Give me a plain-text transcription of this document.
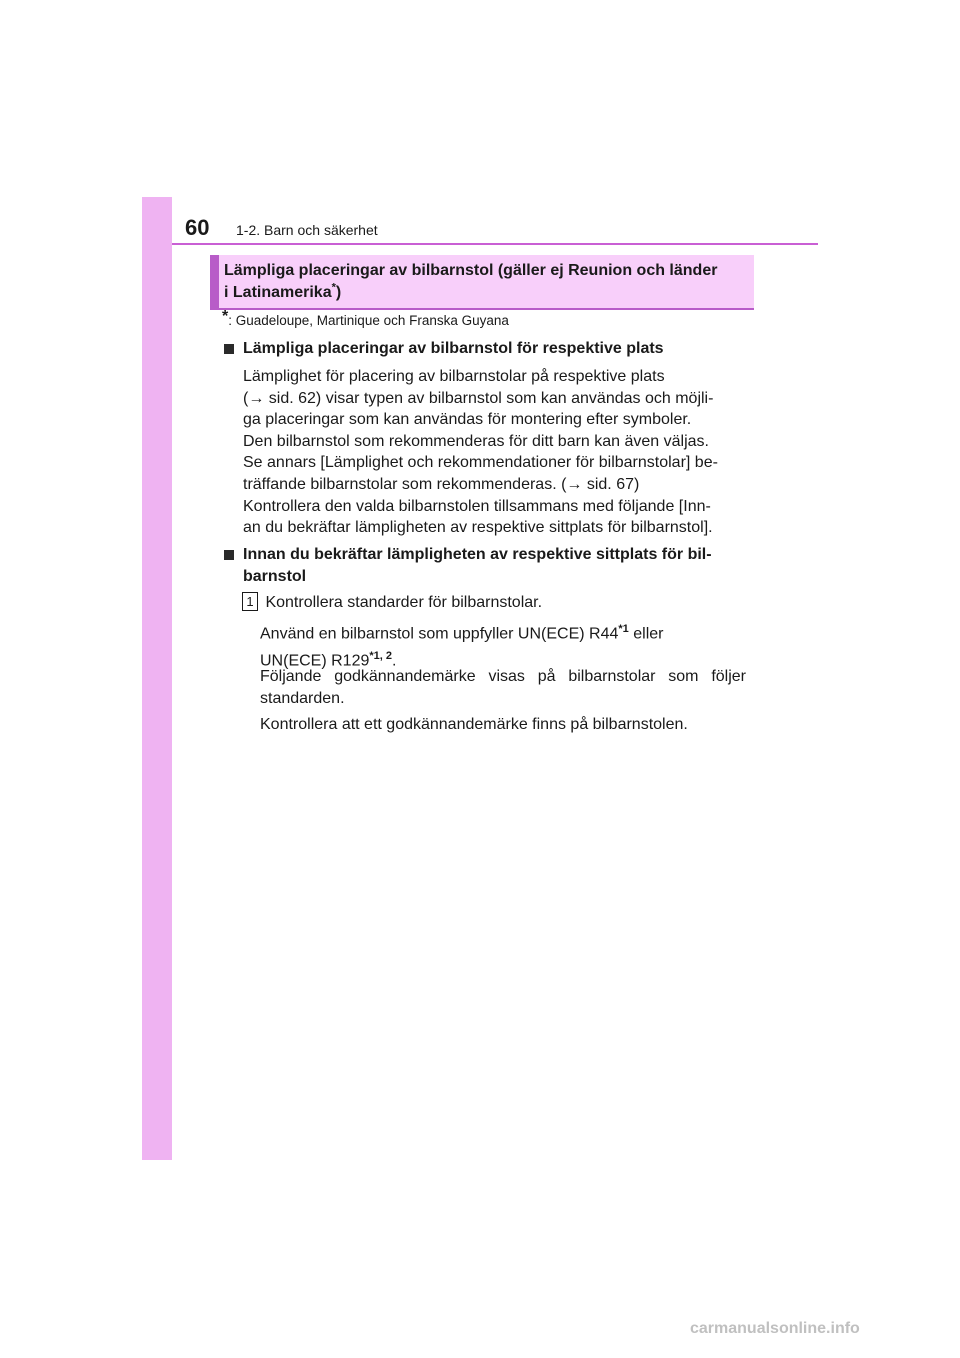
60 1-2. Barn och säkerhet

Lämpliga placeringar av bilbarnstol (gäller ej Reunion och länder
i Latinamerika*)

*: Guadeloupe, Martinique och Franska Guyana
Lämpliga placeringar av bilbarnstol för respektive plats

Lämplighet för placering av bilbarnstolar på respektive plats
(→ sid. 62) visar typen av bilbarnstol som kan användas och möjli-
ga placeringar som kan användas för montering efter symboler.
Den bilbarnstol som rekommenderas för ditt barn kan även väljas.
Se annars [Lämplighet och rekommendationer för bilbarnstolar] be-
träffande bilbarnstolar som rekommenderas. (→ sid. 67)
Kontrollera den valda bilbarnstolen tillsammans med följande [Inn-
an du bekräftar lämpligheten av respektive sittplats för bilbarnstol].

Innan du bekräftar lämpligheten av respektive sittplats för bil-
barnstol
1 Kontrollera standarder för bilbarnstolar.

Använd en bilbarnstol som uppfyller UN(ECE) R44$^{*1}$ eller
UN(ECE) R129$^{*1, 2}$.

Följande godkännandemärke visas på bilbarnstolar som följer standarden.

Kontrollera att ett godkännandemärke finns på bilbarnstolen.

carmanualsonline.info
